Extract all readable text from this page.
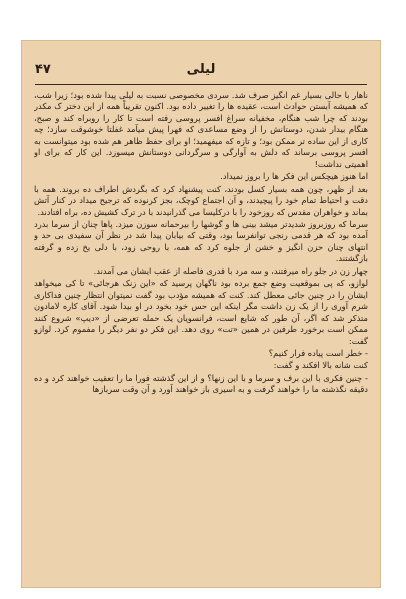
۴۷	لیلی

ناهار با حالی بسیار غم انگیز صرف شد. سردی مخصوصی نسبت به لیلی پیدا شده بود؛ زیرا شب، که همیشه آبستن حوادث است، عقیده ها را تغییر داده بود. اکنون تقریباً همه از این دختر ک مکدر بودند که چرا شب هنگام، مخفیانه سراغ افسر پروسی رفته است تا کار را روبراه کند و صبح، هنگام بیدار شدن، دوستانش را از وضع مساعدی که فهرا پیش میآمد غفلتا خوشوقت سازد؛ چه کاری از این ساده تر ممکن بود؛ و تازه که میفهمید؛ او برای حفظ ظاهر هم شده بود میتوانست به افسر پروسی برساند که دلش به آوارگی و سرگردانی دوستانش میسوزد. این کار که برای او اهمیتی نداشت!

اما هنوز هیچکس این فکر ها را بروز نمیداد.

بعد از ظهر، چون همه بسیار کسل بودند، کنت پیشنهاد کرد که بگردش اطراف ده بروند. همه با دقت و احتیاط تمام خود را پیچیدند، و آن اجتماع کوچک، بجز کرنوده که ترجیح میداد در کنار آتش بماند و خواهران مقدس که روزخود را با درکلیسا می گذرانیدند با در ترک کشیش ده، براه افتادند.

سرما که روزبروز شدیدتر میشد بینی ها و گوشها را بیرحمانه سوزن میزد. پاها چنان از سرما بدرد آمده بود که هر قدمی رنجی توانفرسا بود، وقتی که بیابان پیدا شد در نظر آن سفیدی بی حد و انتهای چنان حزن انگیز و خشن از جلوه کرد که همه، با روحی زود، با دلی یخ زده و گرفته بازگشتند.

چهار زن در جلو راه میرفتند، و سه مرد با قدری فاصله از عقب ایشان می آمدند.

لوازو، که پی بموقعیت وضع جمع برده بود ناگهان پرسید که «این زنک هرجائی» تا کی میخواهد ایشان را در چنین جائی معطل کند. کنت که همیشه مؤدب بود گفت نمیتوان انتظار چنین فداکاری شرم آوری را از یک زن داشت مگر اینکه این حس خود بخود در او بیدا شود. آقای کاره لامادون متذکر شد که اگر، آن طور که شایع است، فرانسویان یک حمله تعرضی از «دیپ» شروع کنند ممکن است برخورد طرفین در همین «تت» روی دهد. این فکر دو نفر دیگر را مفموم کرد. لوازو گفت:

- خطر است پیاده فرار کنیم؟

کنت شانه بالا افکند و گفت:

- چنین فکری با این برف و سرما و با این زنها؟ و از این گذشته فورا ما را تعقیب خواهند کرد و ده دقیقه نگذشته ما را خواهند گرفت و به اسیری باز خواهند آورد و آن وقت سربازها
